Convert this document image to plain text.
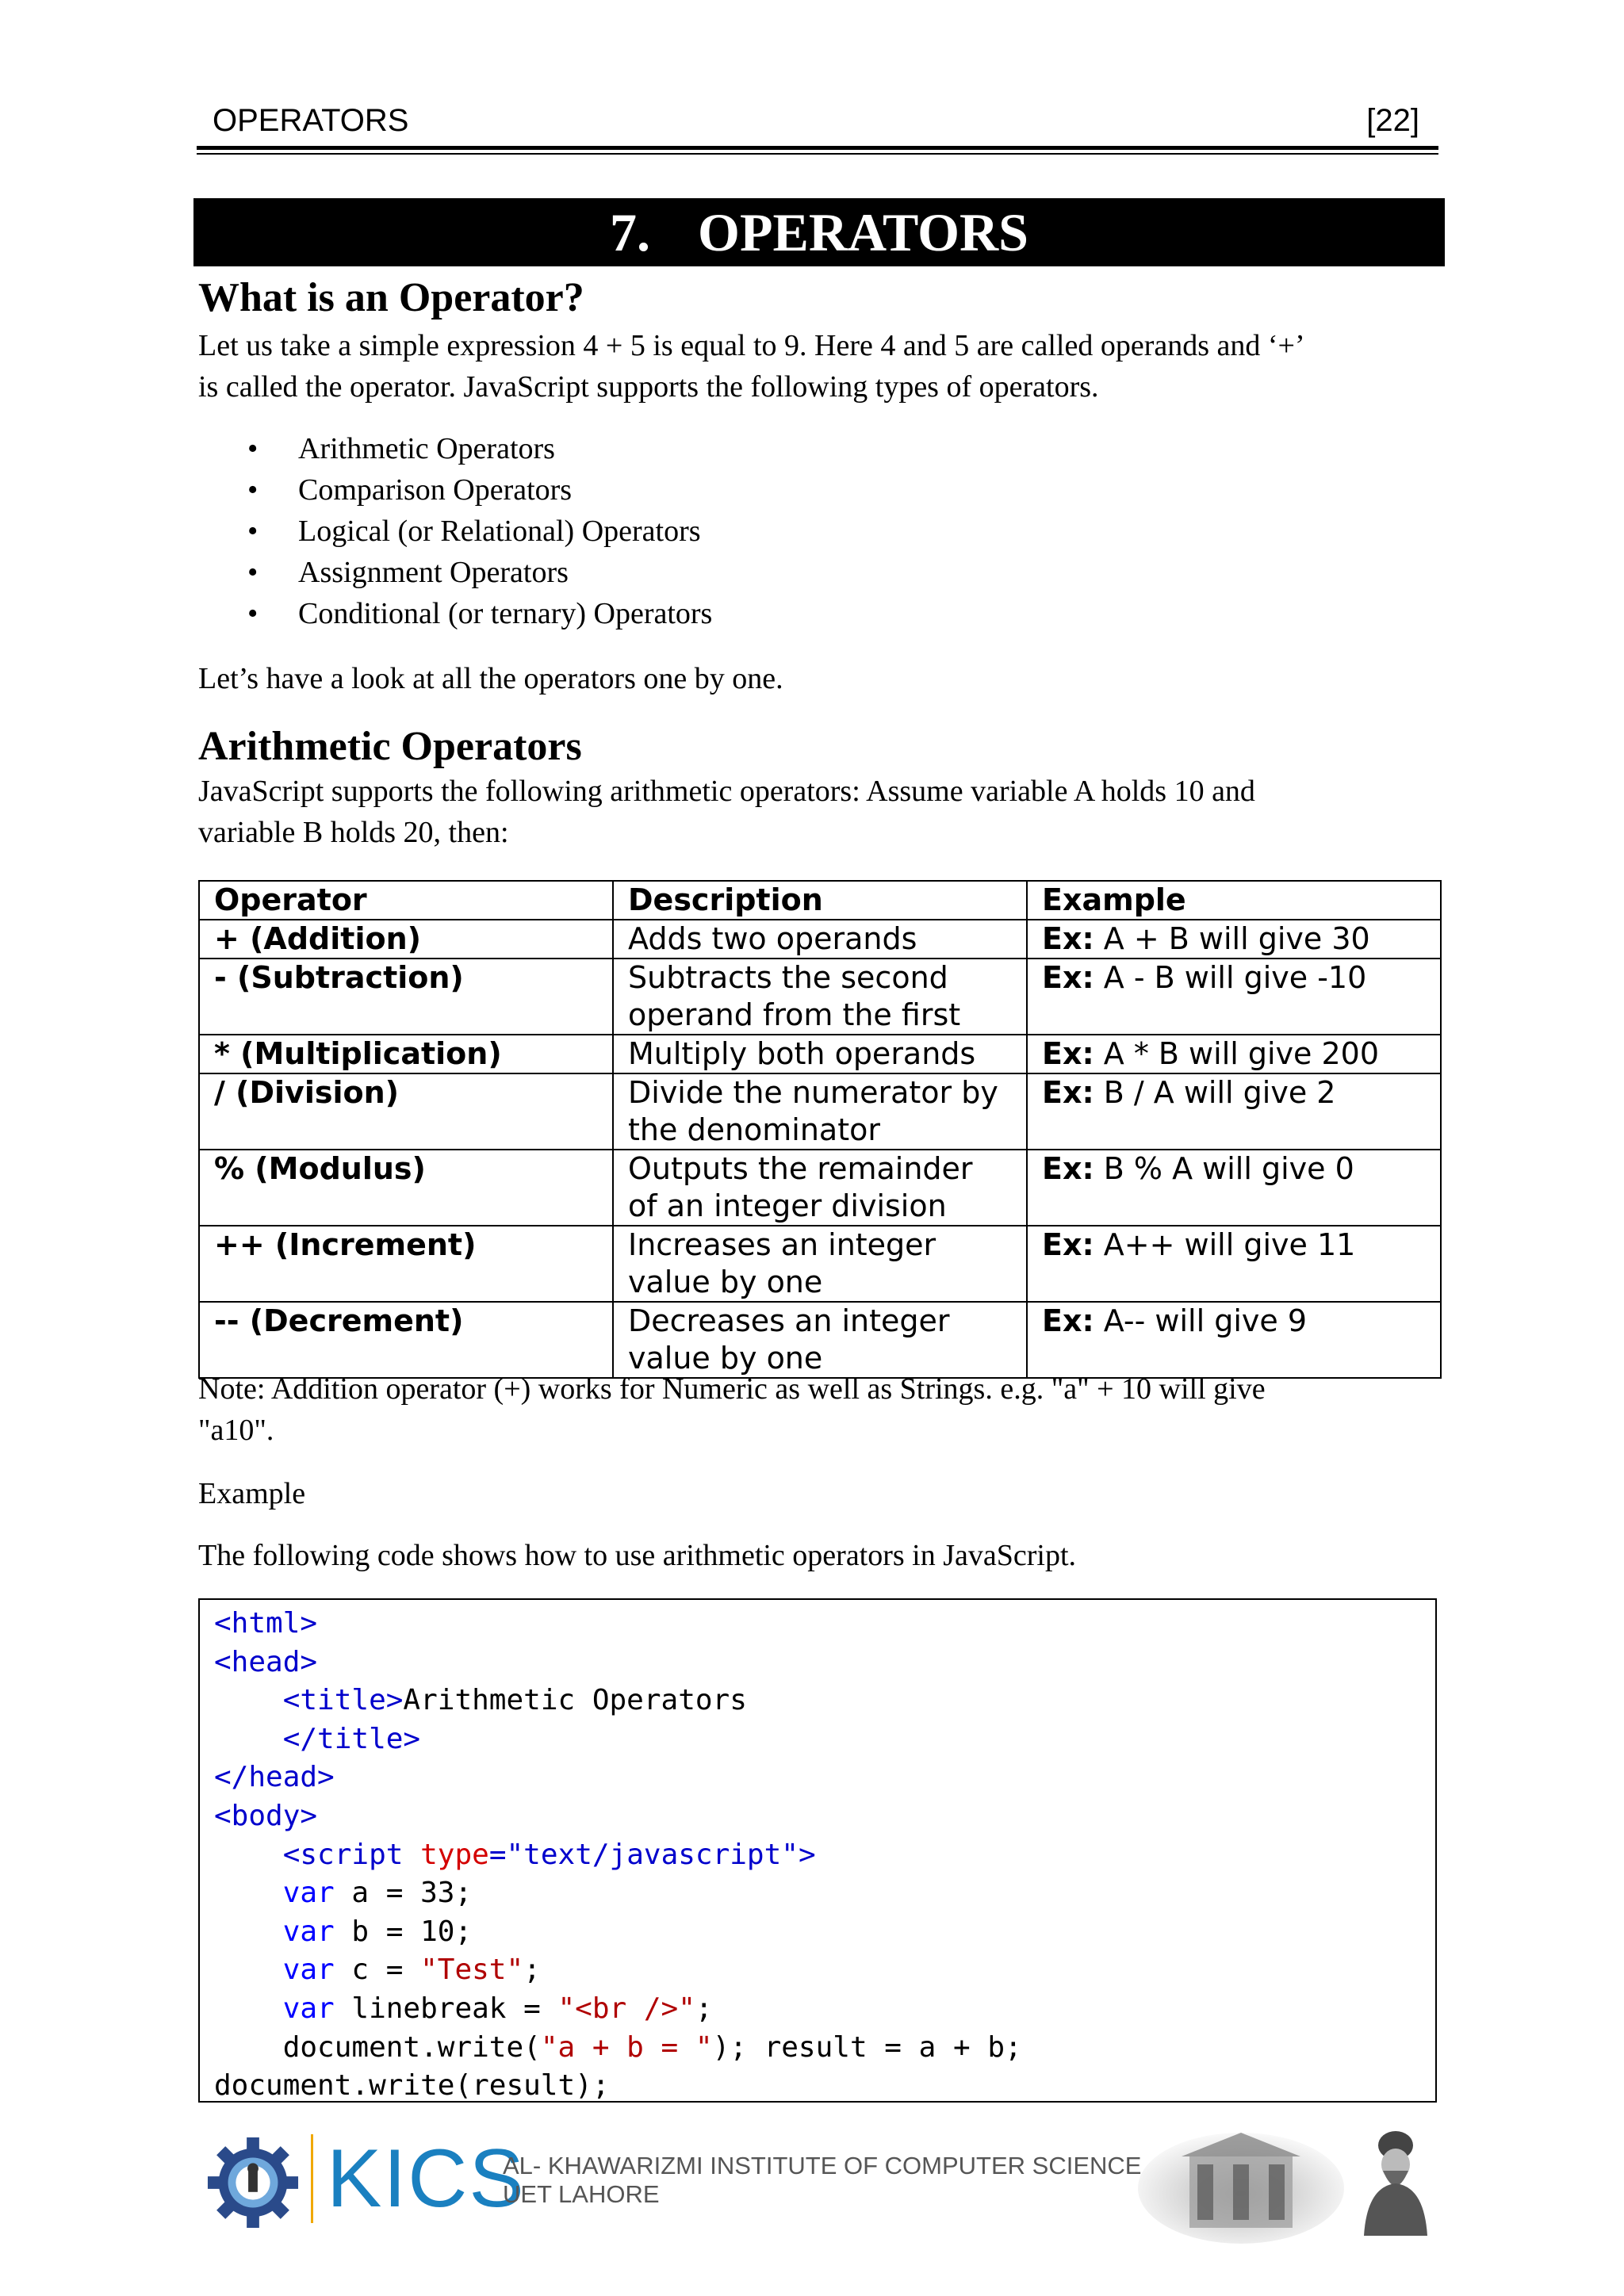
OPERATORS	[22]
7. OPERATORS
What is an Operator?
Let us take a simple expression 4 + 5 is equal to 9. Here 4 and 5 are called operands and ‘+’
is called the operator. JavaScript supports the following types of operators.
• Arithmetic Operators
• Comparison Operators
• Logical (or Relational) Operators
• Assignment Operators
• Conditional (or ternary) Operators
Let’s have a look at all the operators one by one.
Arithmetic Operators
JavaScript supports the following arithmetic operators: Assume variable A holds 10 and
variable B holds 20, then:
Operator	Description	Example
+ (Addition)	Adds two operands	Ex: A + B will give 30
- (Subtraction)	Subtracts the second
operand from the first	Ex: A - B will give -10
* (Multiplication)	Multiply both operands	Ex: A * B will give 200
/ (Division)	Divide the numerator by
the denominator	Ex: B / A will give 2
% (Modulus)	Outputs the remainder
of an integer division	Ex: B % A will give 0
++ (Increment)	Increases an integer
value by one	Ex: A++ will give 11
-- (Decrement)	Decreases an integer
value by one	Ex: A-- will give 9
Note: Addition operator (+) works for Numeric as well as Strings. e.g. "a" + 10 will give
"a10".
Example
The following code shows how to use arithmetic operators in JavaScript.
<html>
<head>
<title>Arithmetic Operators
</title>
</head>
<body>
<script type="text/javascript">
var a = 33;
var b = 10;
var c = "Test";
var linebreak = "<br />";
document.write("a + b = "); result = a + b;
document.write(result);
KICS
AL- KHAWARIZMI INSTITUTE OF COMPUTER SCIENCE
UET LAHORE
